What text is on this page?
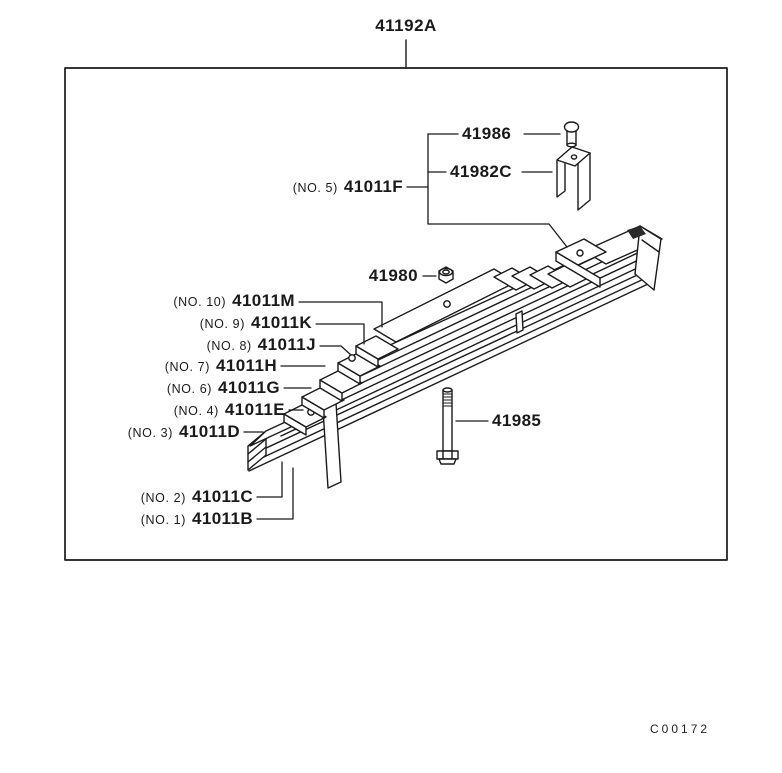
41192A
41986
41982C
(NO. 5) 41011F
41980
(NO. 10) 41011M
(NO. 9) 41011K
(NO. 8) 41011J
(NO. 7) 41011H
(NO. 6) 41011G
(NO. 4) 41011E
(NO. 3) 41011D
(NO. 2) 41011C
(NO. 1) 41011B
41985
C00172
